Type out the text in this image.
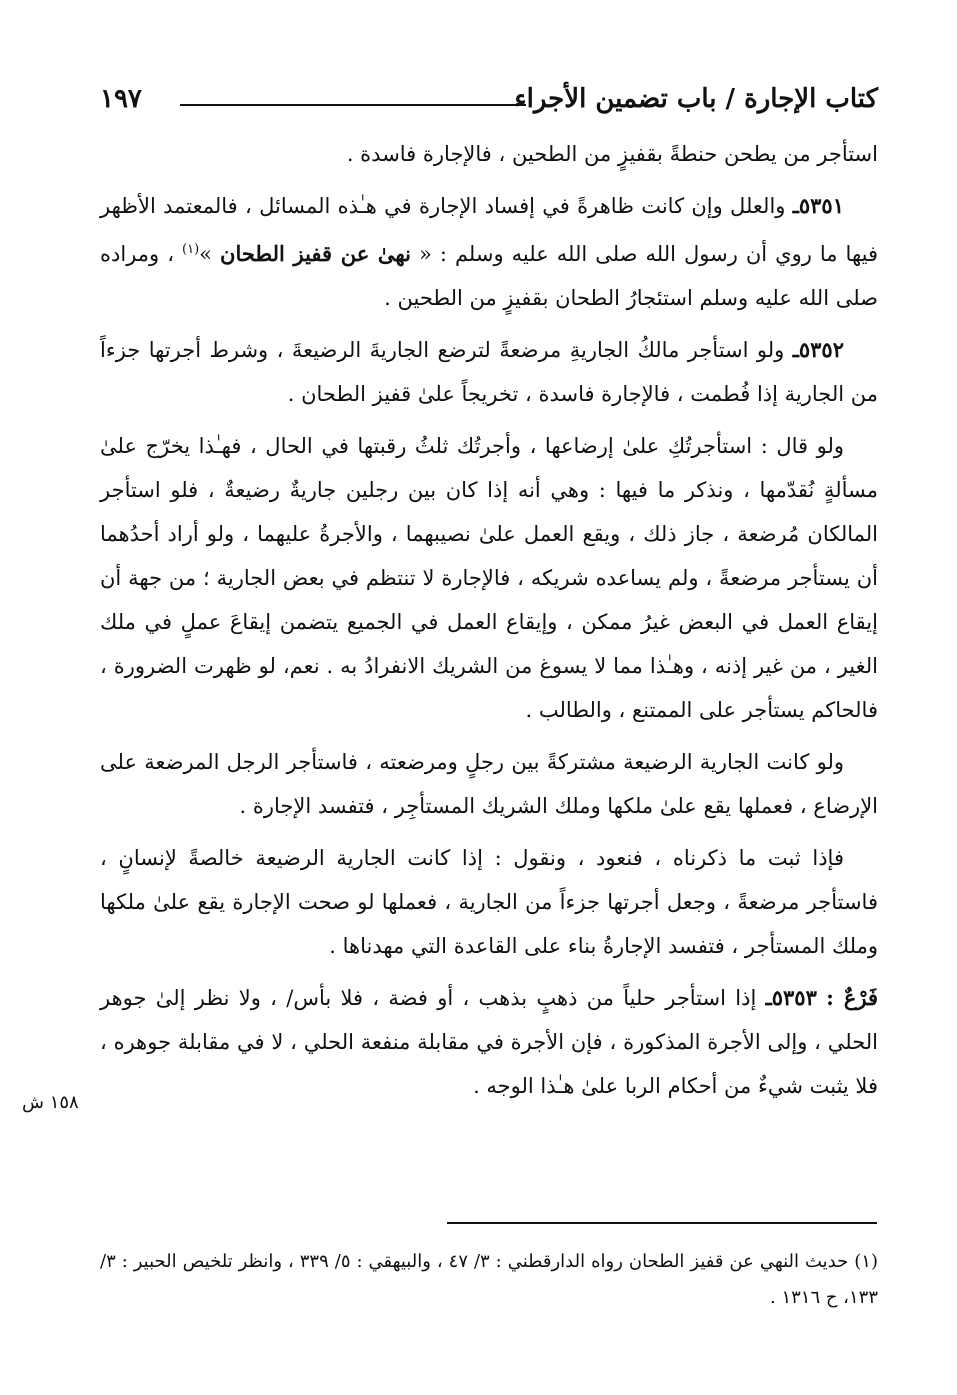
كتاب الإجارة / باب تضمين الأجراء
١٩٧
١٥٨ ش

استأجر من يطحن حنطةً بقفيزٍ من الطحين ، فالإجارة فاسدة .

٥٣٥١ـ والعلل وإن كانت ظاهرةً في إفساد الإجارة في هـٰذه المسائل ، فالمعتمد الأظهر فيها ما روي أن رسول الله صلى الله عليه وسلم : « نهىٰ عن قفيز الطحان »$^{(١)}$ ، ومراده صلى الله عليه وسلم استئجارُ الطحان بقفيزٍ من الطحين .

٥٣٥٢ـ ولو استأجر مالكُ الجاريةِ مرضعةً لترضع الجاريةَ الرضيعةَ ، وشرط أجرتها جزءاً من الجارية إذا فُطمت ، فالإجارة فاسدة ، تخريجاً علىٰ قفيز الطحان .

ولو قال : استأجرتُكِ علىٰ إرضاعها ، وأجرتُك ثلثُ رقبتها في الحال ، فهـٰذا يخرّج علىٰ مسألةٍ نُقدّمها ، ونذكر ما فيها : وهي أنه إذا كان بين رجلين جاريةٌ رضيعةٌ ، فلو استأجر المالكان مُرضعة ، جاز ذلك ، ويقع العمل علىٰ نصيبهما ، والأجرةُ عليهما ، ولو أراد أحدُهما أن يستأجر مرضعةً ، ولم يساعده شريكه ، فالإجارة لا تنتظم في بعض الجارية ؛ من جهة أن إيقاع العمل في البعض غيرُ ممكن ، وإيقاع العمل في الجميع يتضمن إيقاعَ عملٍ في ملك الغير ، من غير إذنه ، وهـٰذا مما لا يسوغ من الشريك الانفرادُ به . نعم، لو ظهرت الضرورة ، فالحاكم يستأجر على الممتنع ، والطالب .

ولو كانت الجارية الرضيعة مشتركةً بين رجلٍ ومرضعته ، فاستأجر الرجل المرضعة على الإرضاع ، فعملها يقع علىٰ ملكها وملك الشريك المستأجِر ، فتفسد الإجارة .

فإذا ثبت ما ذكرناه ، فنعود ، ونقول : إذا كانت الجارية الرضيعة خالصةً لإنسانٍ ، فاستأجر مرضعةً ، وجعل أجرتها جزءاً من الجارية ، فعملها لو صحت الإجارة يقع علىٰ ملكها وملك المستأجر ، فتفسد الإجارةُ بناء على القاعدة التي مهدناها .

فَرْعٌ : ٥٣٥٣ـ إذا استأجر حلياً من ذهبٍ بذهب ، أو فضة ، فلا بأس/ ، ولا نظر إلىٰ جوهر الحلي ، وإلى الأجرة المذكورة ، فإن الأجرة في مقابلة منفعة الحلي ، لا في مقابلة جوهره ، فلا يثبت شيءٌ من أحكام الربا علىٰ هـٰذا الوجه .

(١)حديث النهي عن قفيز الطحان رواه الدارقطني : ٣/ ٤٧ ، والبيهقي : ٥/ ٣٣٩ ، وانظر تلخيص الحبير : ٣/ ١٣٣، ح ١٣١٦ .
